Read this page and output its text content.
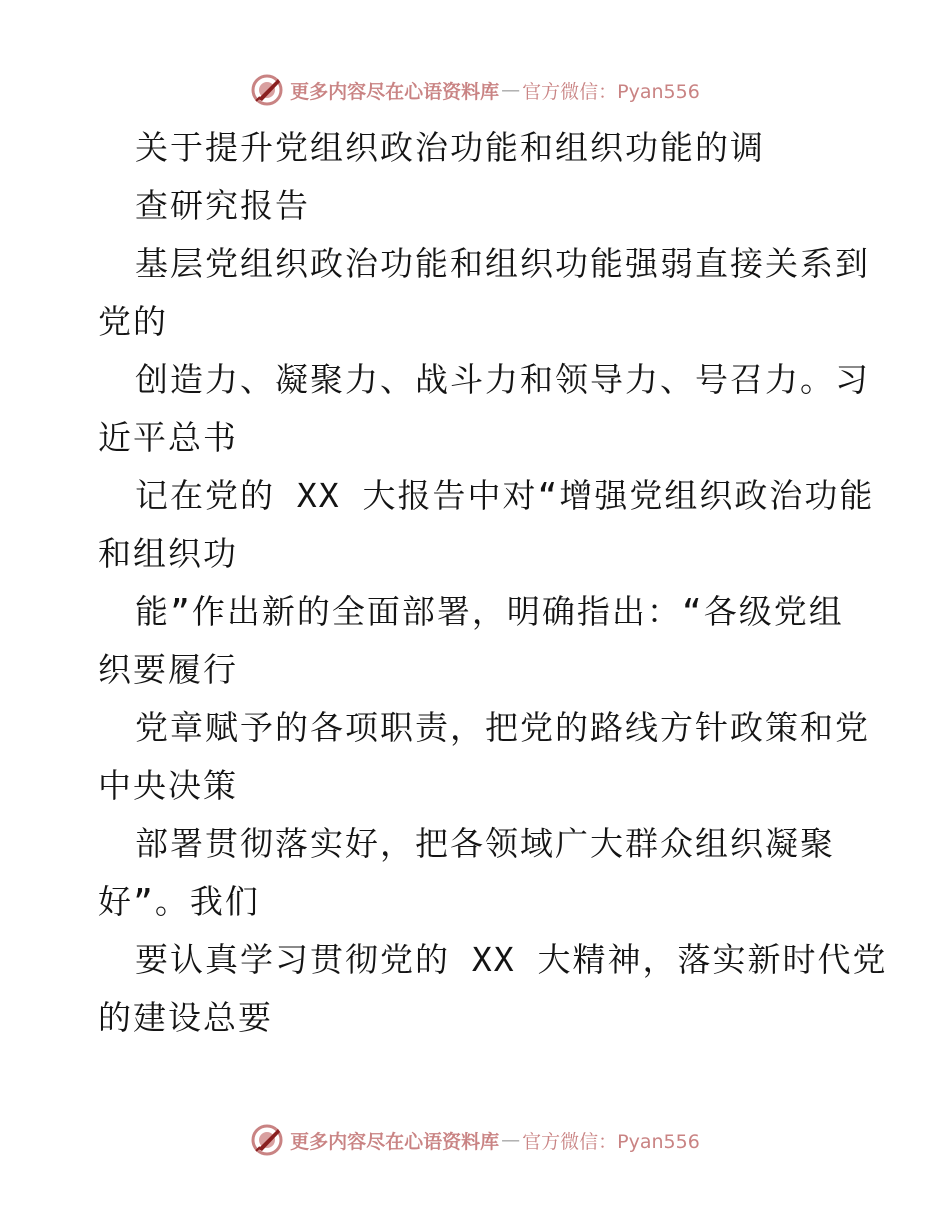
更多内容尽在心语资料库 — 官方微信：Pyan556
关于提升党组织政治功能和组织功能的调
查研究报告
基层党组织政治功能和组织功能强弱直接关系到
党的
创造力、凝聚力、战斗力和领导力、号召力。习
近平总书
记在党的 XX 大报告中对“增强党组织政治功能
和组织功
能”作出新的全面部署，明确指出：“各级党组
织要履行
党章赋予的各项职责，把党的路线方针政策和党
中央决策
部署贯彻落实好，把各领域广大群众组织凝聚
好”。我们
要认真学习贯彻党的 XX 大精神，落实新时代党
的建设总要
更多内容尽在心语资料库 — 官方微信：Pyan556
